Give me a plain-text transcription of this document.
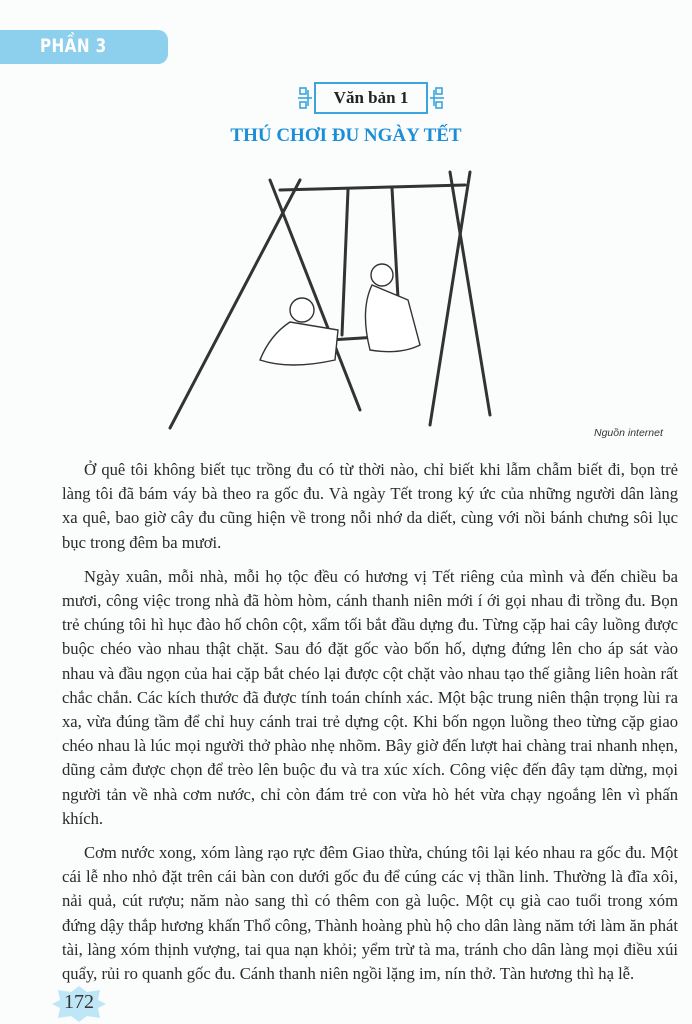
PHẦN 3
Văn bản 1
THÚ CHƠI ĐU NGÀY TẾT
Nguồn internet

Ở quê tôi không biết tục trồng đu có từ thời nào, chỉ biết khi lẫm chẫm biết đi, bọn trẻ làng tôi đã bám váy bà theo ra gốc đu. Và ngày Tết trong ký ức của những người dân làng xa quê, bao giờ cây đu cũng hiện về trong nỗi nhớ da diết, cùng với nồi bánh chưng sôi lục bục trong đêm ba mươi.

Ngày xuân, mỗi nhà, mỗi họ tộc đều có hương vị Tết riêng của mình và đến chiều ba mươi, công việc trong nhà đã hòm hòm, cánh thanh niên mới í ới gọi nhau đi trồng đu. Bọn trẻ chúng tôi hì hục đào hố chôn cột, xẩm tối bắt đầu dựng đu. Từng cặp hai cây luồng được buộc chéo vào nhau thật chặt. Sau đó đặt gốc vào bốn hố, dựng đứng lên cho áp sát vào nhau và đầu ngọn của hai cặp bắt chéo lại được cột chặt vào nhau tạo thế giằng liên hoàn rất chắc chắn. Các kích thước đã được tính toán chính xác. Một bậc trung niên thận trọng lùi ra xa, vừa đúng tầm để chỉ huy cánh trai trẻ dựng cột. Khi bốn ngọn luồng theo từng cặp giao chéo nhau là lúc mọi người thở phào nhẹ nhõm. Bây giờ đến lượt hai chàng trai nhanh nhẹn, dũng cảm được chọn để trèo lên buộc đu và tra xúc xích. Công việc đến đây tạm dừng, mọi người tản về nhà cơm nước, chỉ còn đám trẻ con vừa hò hét vừa chạy ngoắng lên vì phấn khích.

Cơm nước xong, xóm làng rạo rực đêm Giao thừa, chúng tôi lại kéo nhau ra gốc đu. Một cái lễ nho nhỏ đặt trên cái bàn con dưới gốc đu để cúng các vị thần linh. Thường là đĩa xôi, nải quả, cút rượu; năm nào sang thì có thêm con gà luộc. Một cụ già cao tuổi trong xóm đứng dậy thắp hương khấn Thổ công, Thành hoàng phù hộ cho dân làng năm tới làm ăn phát tài, làng xóm thịnh vượng, tai qua nạn khỏi; yểm trừ tà ma, tránh cho dân làng mọi điều xúi quẩy, rủi ro quanh gốc đu. Cánh thanh niên ngồi lặng im, nín thở. Tàn hương thì hạ lễ.

172
